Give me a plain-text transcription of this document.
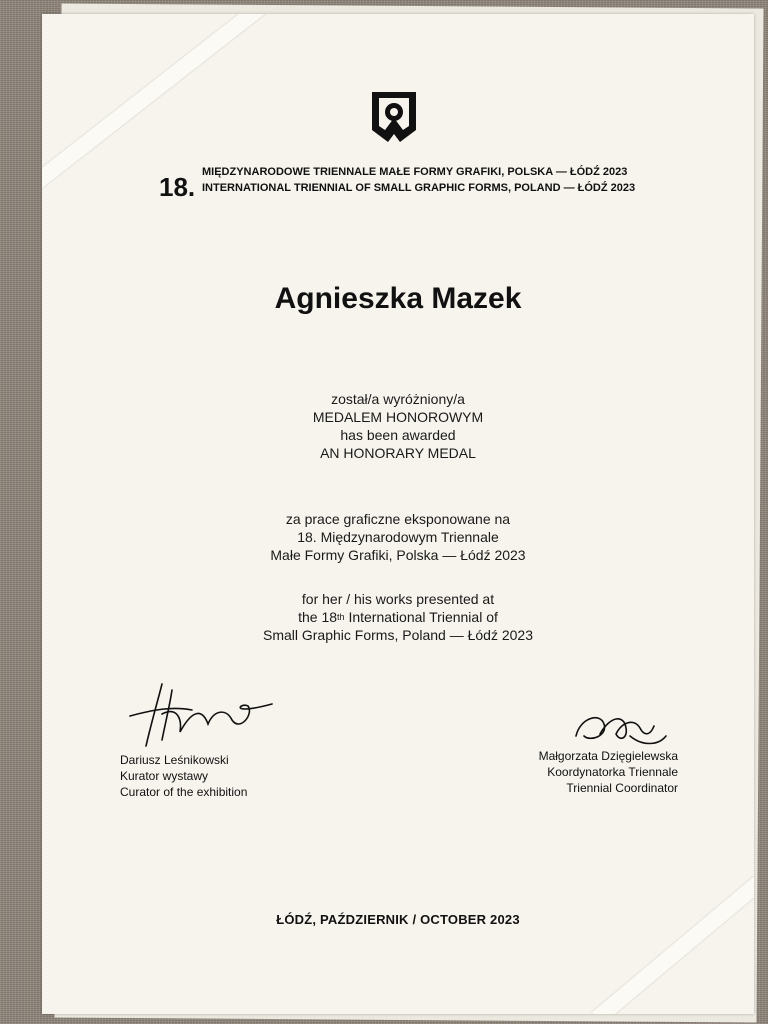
18. MIĘDZYNARODOWE TRIENNALE MAŁE FORMY GRAFIKI, POLSKA — ŁÓDŹ 2023
INTERNATIONAL TRIENNIAL OF SMALL GRAPHIC FORMS, POLAND — ŁÓDŹ 2023
Agnieszka Mazek
został/a wyróżniony/a
MEDALEM HONOROWYM
has been awarded
AN HONORARY MEDAL
za prace graficzne eksponowane na
18. Międzynarodowym Triennale
Małe Formy Grafiki, Polska — Łódź 2023
for her / his works presented at
the 18th International Triennial of
Small Graphic Forms, Poland — Łódź 2023
Dariusz Leśnikowski
Kurator wystawy
Curator of the exhibition
Małgorzata Dzięgielewska
Koordynatorka Triennale
Triennial Coordinator
ŁÓDŹ, PAŹDZIERNIK / OCTOBER 2023
